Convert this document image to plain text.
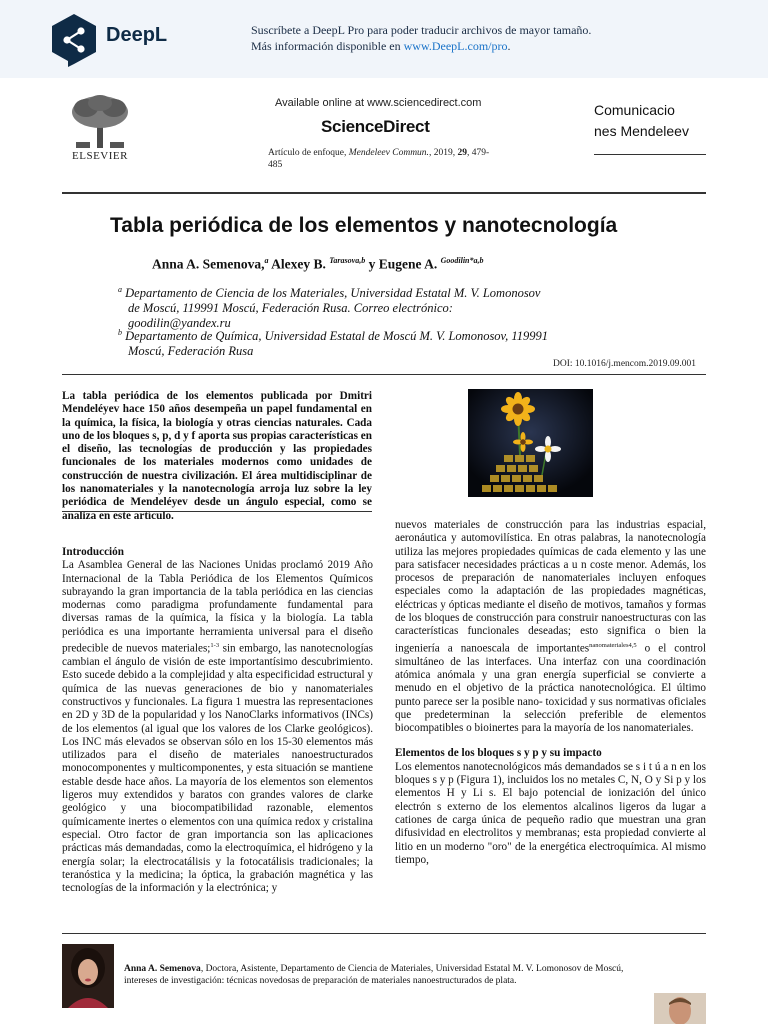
DeepL	Suscríbete a DeepL Pro para poder traducir archivos de mayor tamaño.
Más información disponible en www.DeepL.com/pro.
ELSEVIER
Available online at www.sciencedirect.com
ScienceDirect
Artículo de enfoque, Mendeleev Commun., 2019, 29, 479-485
Comunicacio
nes Mendeleev
Tabla periódica de los elementos y nanotecnología
Anna A. Semenova,$^a$ Alexey B. $^{Tarasova,b}$ y Eugene A. $^{Goodilin*a,b}$
$^a$ Departamento de Ciencia de los Materiales, Universidad Estatal M. V. Lomonosov
de Moscú, 119991 Moscú, Federación Rusa. Correo electrónico:
goodilin@yandex.ru
$^b$ Departamento de Química, Universidad Estatal de Moscú M. V. Lomonosov, 119991
Moscú, Federación Rusa
DOI: 10.1016/j.mencom.2019.09.001
La tabla periódica de los elementos publicada por Dmitri Mendeléyev hace 150 años desempeña un papel fundamental en la química, la física, la biología y otras ciencias naturales. Cada uno de los bloques s, p, d y f aporta sus propias características en el diseño, las tecnologías de producción y las propiedades funcionales de los materiales modernos como unidades de construcción de nuestra civilización. El área multidisciplinar de los nanomateriales y la nanotecnología arroja luz sobre la ley periódica de Mendeléyev desde un ángulo especial, como se analiza en este artículo.
Introducción

La Asamblea General de las Naciones Unidas proclamó 2019 Año Internacional de la Tabla Periódica de los Elementos Químicos subrayando la gran importancia de la tabla periódica en las ciencias modernas como paradigma profundamente fundamental para diversas ramas de la química, la física y la biología. La tabla periódica es una importante herramienta universal para el diseño predecible de nuevos materiales;$^{1-3}$ sin embargo, las nanotecnologías cambian el ángulo de visión de este importantísimo descubrimiento. Esto sucede debido a la complejidad y alta especificidad estructural y química de las nuevas generaciones de bio y nanomateriales constructivos y funcionales. La figura 1 muestra las representaciones en 2D y 3D de la popularidad y los NanoClarks informativos (INCs) de los elementos (al igual que los valores de los Clarke geológicos). Los INC más elevados se observan sólo en los 15-30 elementos más utilizados para el diseño de materiales nanoestructurados monocomponentes y multicomponentes, y esta situación se mantiene estable desde hace años. La mayoría de los elementos son elementos ligeros muy extendidos y baratos con grandes valores de clarke geológico y una biocompatibilidad razonable, elementos químicamente inertes o elementos con una química redox y cristalina especial. Otro factor de gran importancia son las aplicaciones prácticas más demandadas, como la electroquímica, el hidrógeno y la energía solar; la electrocatálisis y la fotocatálisis tradicionales; la teranóstica y la medicina; la óptica, la grabación magnética y las tecnologías de la información y la electrónica; y

nuevos materiales de construcción para las industrias espacial, aeronáutica y automovilística. En otras palabras, la nanotecnología utiliza las mejores propiedades químicas de cada elemento y las une para satisfacer necesidades prácticas a u n coste menor. Además, los procesos de preparación de nanomateriales incluyen enfoques especiales como la adaptación de las propiedades magnéticas, eléctricas y ópticas mediante el diseño de motivos, tamaños y formas de los bloques de construcción para construir nanoestructuras con las características funcionales deseadas; esto significa o bien la ingeniería a nanoescala de importantes$^{nanomateriales4,5}$ o el control simultáneo de las interfaces. Una interfaz con una coordinación atómica anómala y una gran energía superficial se convierte a menudo en el objetivo de la práctica nanotecnológica. El último punto parece ser la posible nano- toxicidad y sus normativas oficiales que predeterminan la selección preferible de elementos biocompatibles o bioinertes para la mayoría de los nanomateriales.

Elementos de los bloques s y p y su impacto

Los elementos nanotecnológicos más demandados se s i t ú a n en los bloques s y p (Figura 1), incluidos los no metales C, N, O y Si p y los elementos H y Li s. El bajo potencial de ionización del único electrón s externo de los elementos alcalinos ligeros da lugar a cationes de carga única de pequeño radio que muestran una gran difusividad en electrolitos y membranas; esta propiedad convierte al litio en un moderno "oro" de la energética electroquímica. Al mismo tiempo,

Anna A. Semenova, Doctora, Asistente, Departamento de Ciencia de Materiales, Universidad Estatal M. V. Lomonosov de Moscú, intereses de investigación: técnicas novedosas de preparación de materiales nanoestructurados de plata.
